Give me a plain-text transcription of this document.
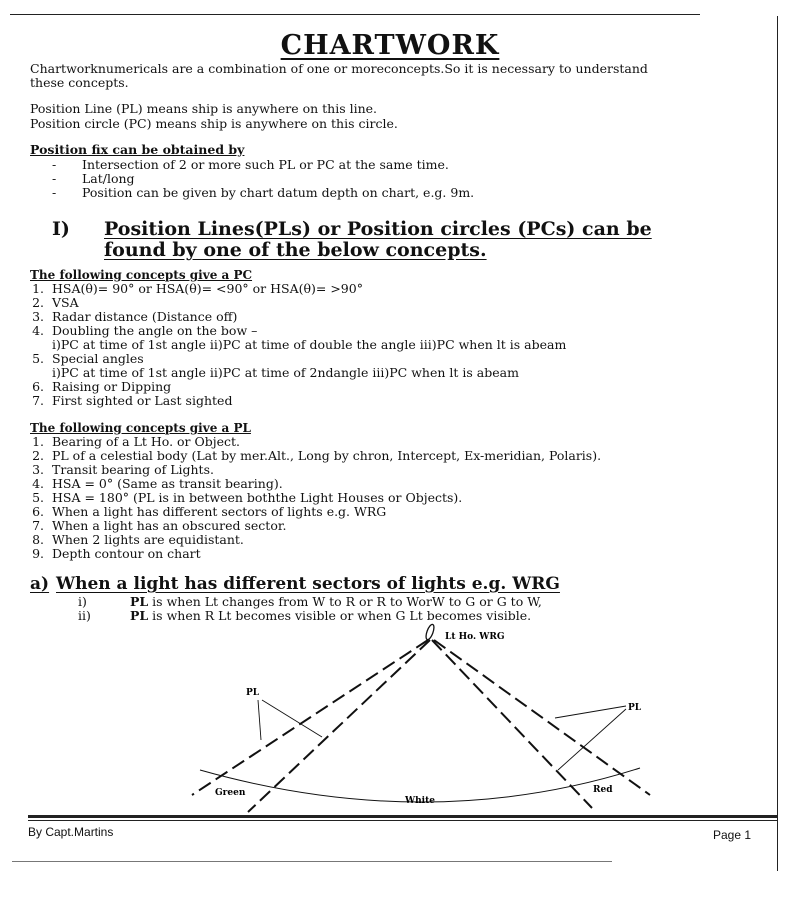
CHARTWORK
Chartworknumericals are a combination of one or moreconcepts.So it is necessary to understand
these concepts.
Position Line (PL) means ship is anywhere on this line.
Position circle (PC) means ship is anywhere on this circle.
Position fix can be obtained by
- Intersection of 2 or more such PL or PC at the same time.
- Lat/long
- Position can be given by chart datum depth on chart, e.g. 9m.
I) Position Lines(PLs) or Position circles (PCs) can be
found by one of the below concepts.
The following concepts give a PC
1. HSA(θ)= 90° or HSA(θ)= <90° or HSA(θ)= >90°
2. VSA
3. Radar distance (Distance off)
4. Doubling the angle on the bow –
i)PC at time of 1st angle ii)PC at time of double the angle iii)PC when lt is abeam
5. Special angles
i)PC at time of 1st angle ii)PC at time of 2ndangle iii)PC when lt is abeam
6. Raising or Dipping
7. First sighted or Last sighted
The following concepts give a PL
1. Bearing of a Lt Ho. or Object.
2. PL of a celestial body (Lat by mer.Alt., Long by chron, Intercept, Ex-meridian, Polaris).
3. Transit bearing of Lights.
4. HSA = 0° (Same as transit bearing).
5. HSA = 180° (PL is in between boththe Light Houses or Objects).
6. When a light has different sectors of lights e.g. WRG
7. When a light has an obscured sector.
8. When 2 lights are equidistant.
9. Depth contour on chart
a) When a light has different sectors of lights e.g. WRG
i)	PL is when Lt changes from W to R or R to WorW to G or G to W,
ii)	PL is when R Lt becomes visible or when G Lt becomes visible.
Lt Ho. WRG
PL
PL
Green
White
Red
By Capt.Martins	Page 1
